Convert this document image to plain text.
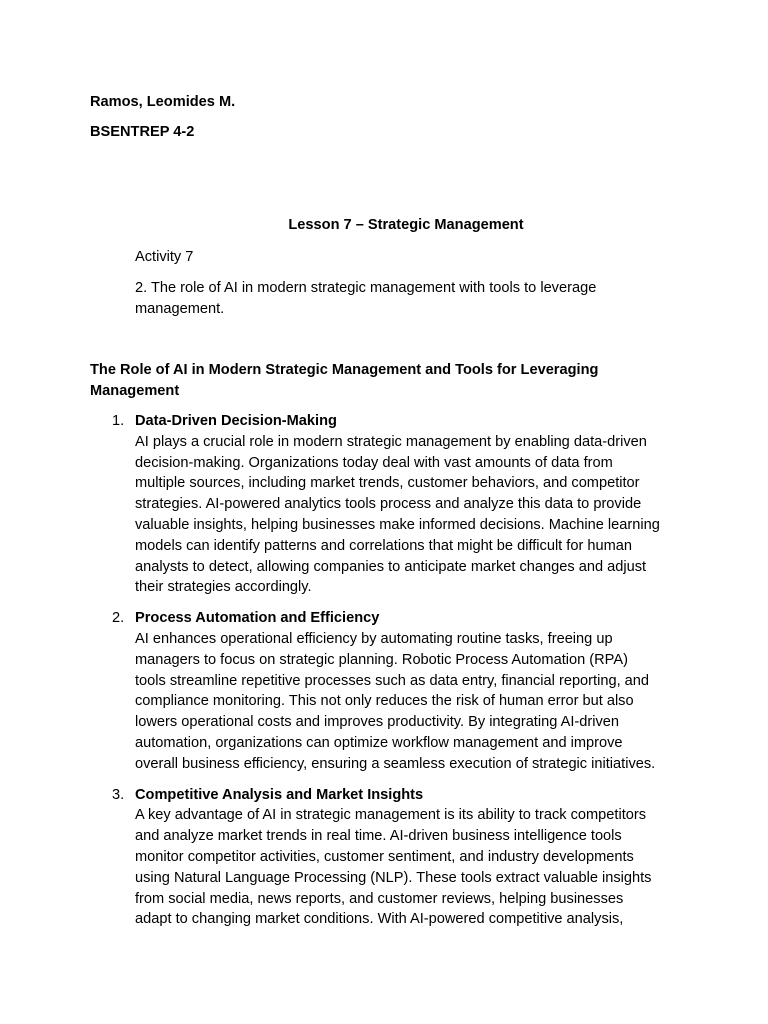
Ramos, Leomides M.
BSENTREP 4-2
Lesson 7 – Strategic Management
Activity 7
2. The role of AI in modern strategic management with tools to leverage management.
The Role of AI in Modern Strategic Management and Tools for Leveraging Management
1. Data-Driven Decision-Making
AI plays a crucial role in modern strategic management by enabling data-driven
decision-making. Organizations today deal with vast amounts of data from
multiple sources, including market trends, customer behaviors, and competitor
strategies. AI-powered analytics tools process and analyze this data to provide
valuable insights, helping businesses make informed decisions. Machine learning
models can identify patterns and correlations that might be difficult for human
analysts to detect, allowing companies to anticipate market changes and adjust
their strategies accordingly.
2. Process Automation and Efficiency
AI enhances operational efficiency by automating routine tasks, freeing up
managers to focus on strategic planning. Robotic Process Automation (RPA)
tools streamline repetitive processes such as data entry, financial reporting, and
compliance monitoring. This not only reduces the risk of human error but also
lowers operational costs and improves productivity. By integrating AI-driven
automation, organizations can optimize workflow management and improve
overall business efficiency, ensuring a seamless execution of strategic initiatives.
3. Competitive Analysis and Market Insights
A key advantage of AI in strategic management is its ability to track competitors
and analyze market trends in real time. AI-driven business intelligence tools
monitor competitor activities, customer sentiment, and industry developments
using Natural Language Processing (NLP). These tools extract valuable insights
from social media, news reports, and customer reviews, helping businesses
adapt to changing market conditions. With AI-powered competitive analysis,
